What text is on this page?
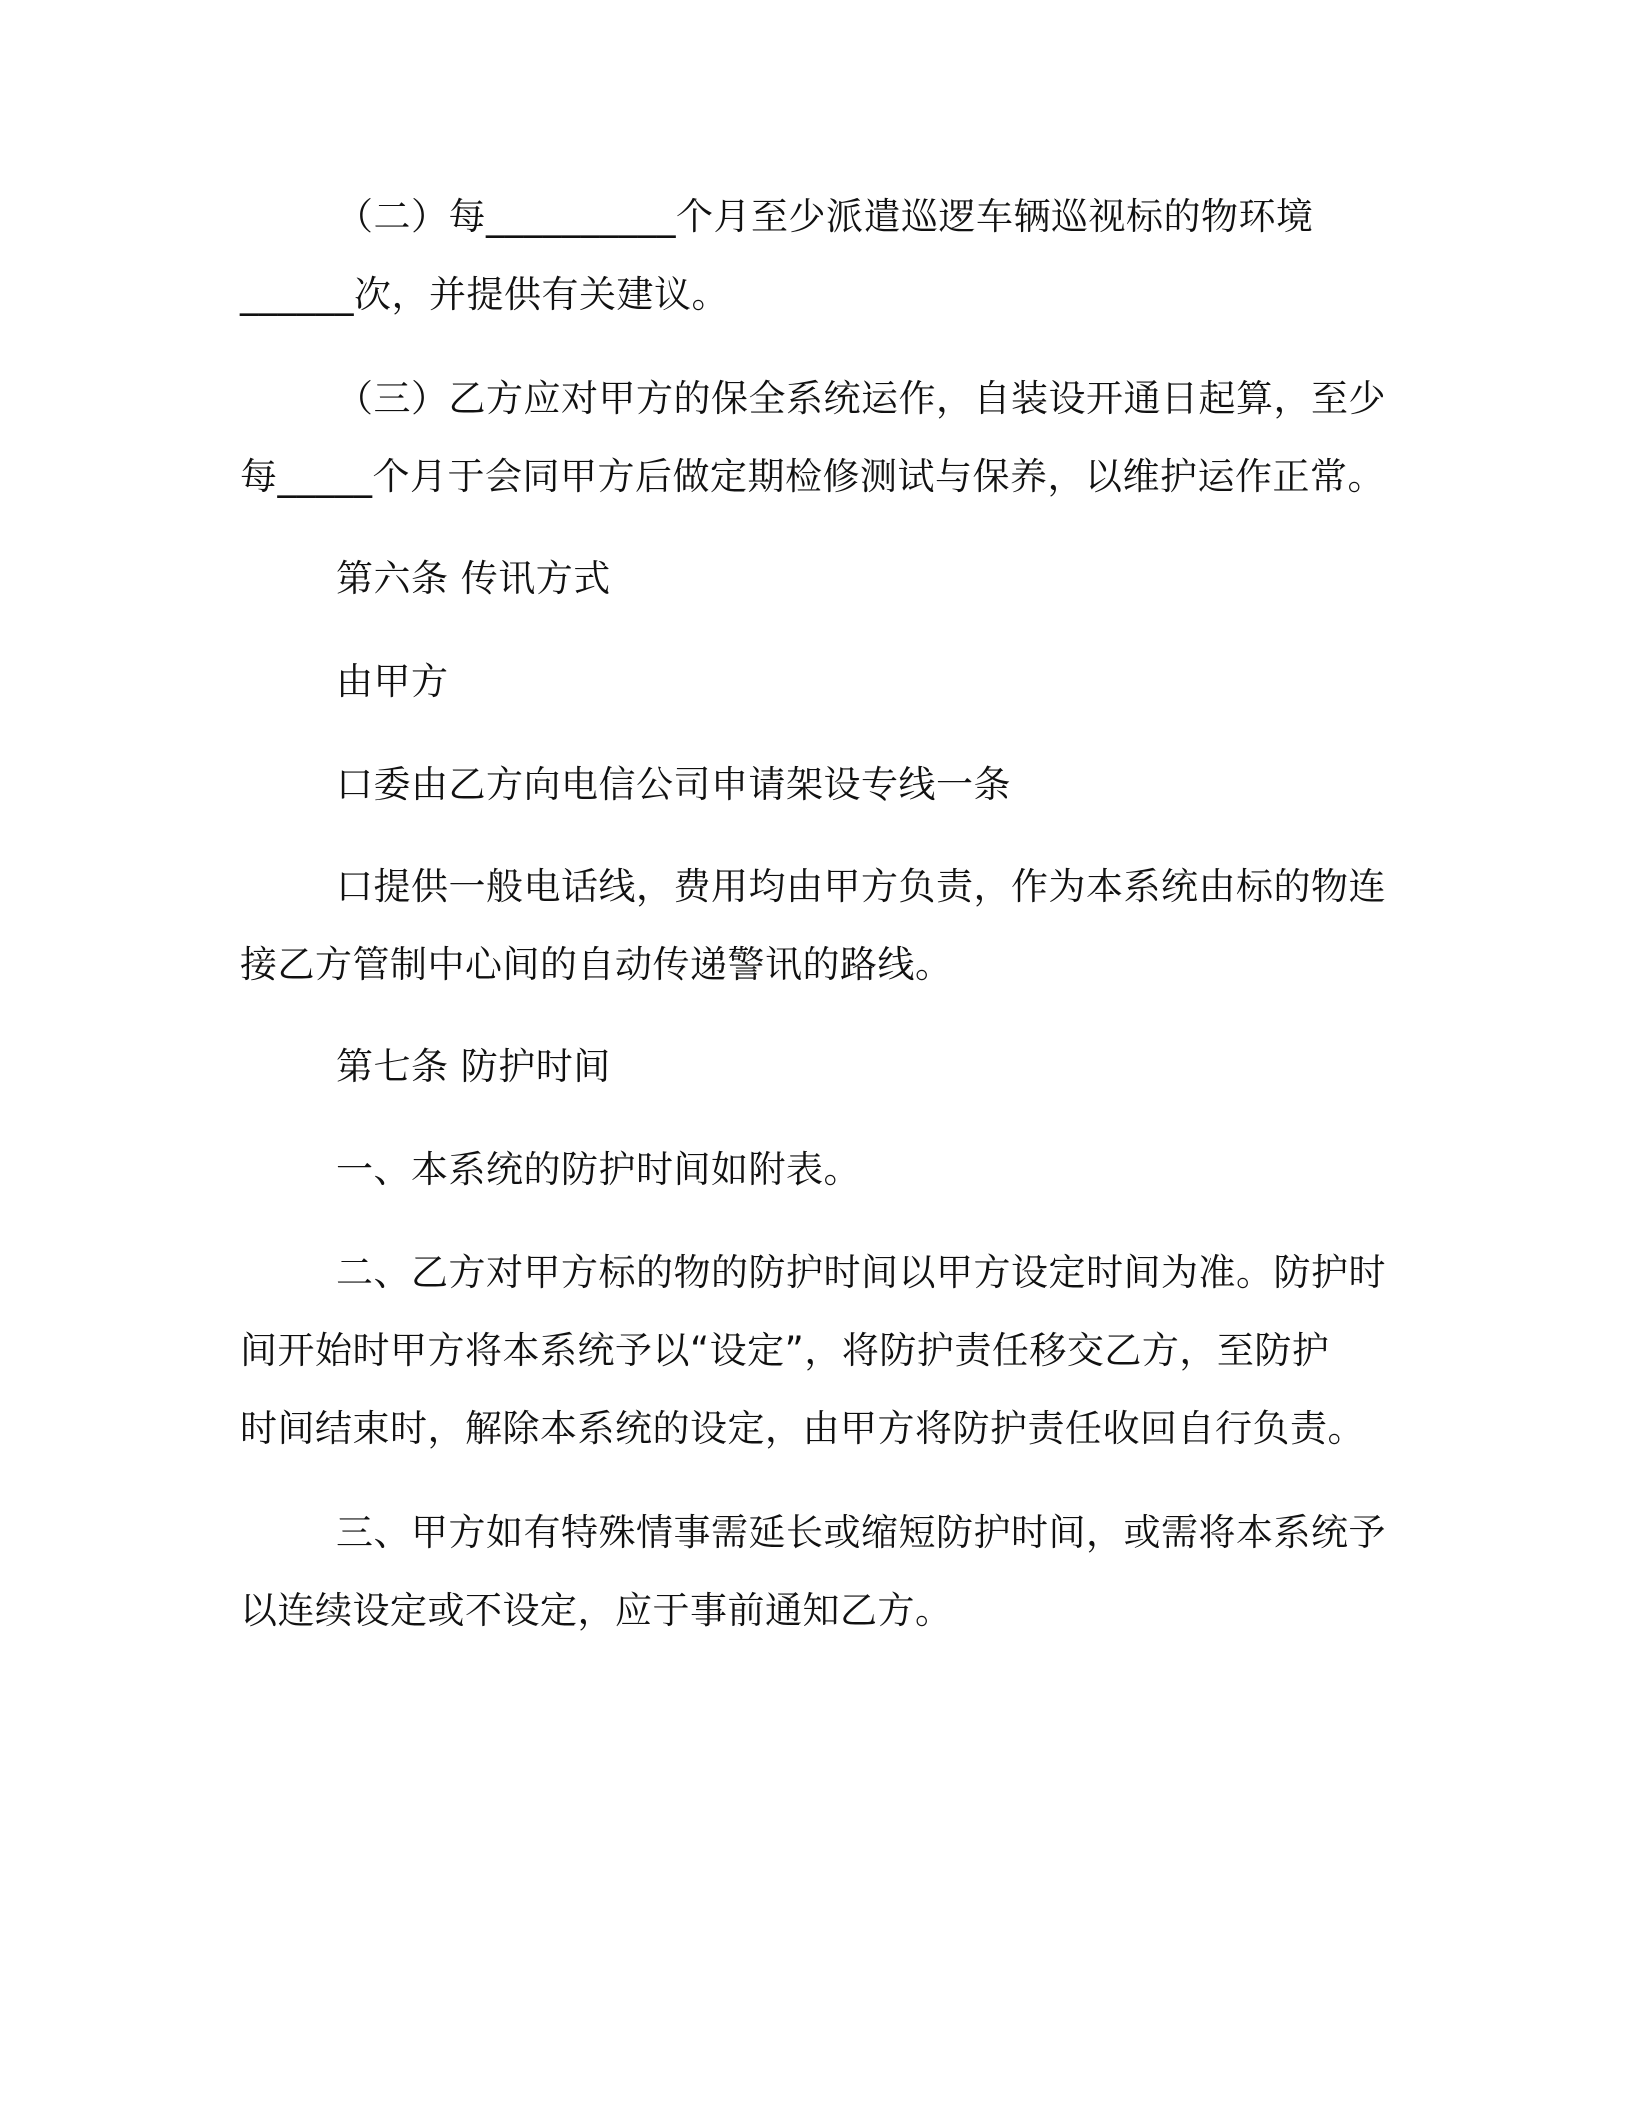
（二）每__________个月至少派遣巡逻车辆巡视标的物环境
______次，并提供有关建议。
（三）乙方应对甲方的保全系统运作，自装设开通日起算，至少
每_____个月于会同甲方后做定期检修测试与保养，以维护运作正常。
第六条 传讯方式
由甲方
口委由乙方向电信公司申请架设专线一条
口提供一般电话线，费用均由甲方负责，作为本系统由标的物连
接乙方管制中心间的自动传递警讯的路线。
第七条 防护时间
一、本系统的防护时间如附表。
二、乙方对甲方标的物的防护时间以甲方设定时间为准。防护时
间开始时甲方将本系统予以“设定”，将防护责任移交乙方，至防护
时间结束时，解除本系统的设定，由甲方将防护责任收回自行负责。
三、甲方如有特殊情事需延长或缩短防护时间，或需将本系统予
以连续设定或不设定，应于事前通知乙方。
